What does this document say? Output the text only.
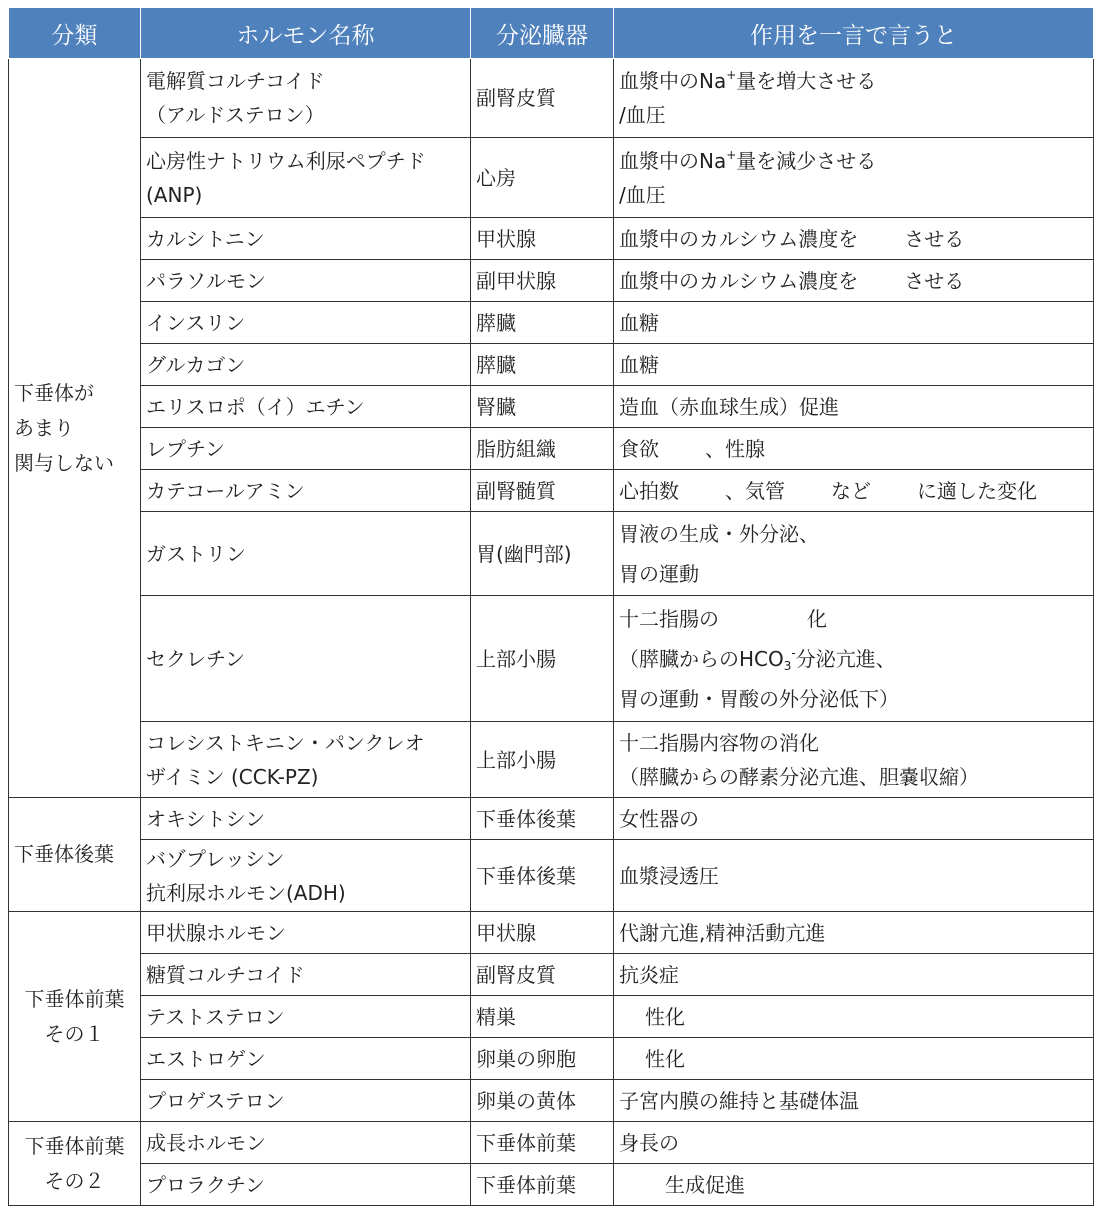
分類	ホルモン名称	分泌臓器	作用を一言で言うと

下垂体が
あまり
関与しない	電解質コルチコイド
（アルドステロン）	副腎皮質	血漿中のNa+量を増大させる
/血圧

	心房性ナトリウム利尿ペプチド
(ANP)	心房	血漿中のNa+量を減少させる
/血圧

	カルシトニン	甲状腺	血漿中のカルシウム濃度を させる
	パラソルモン	副甲状腺	血漿中のカルシウム濃度を させる
	インスリン	膵臓	血糖
	グルカゴン	膵臓	血糖
	エリスロポ（イ）エチン	腎臓	造血（赤血球生成）促進
	レプチン	脂肪組織	食欲 、性腺
	カテコールアミン	副腎髄質	心拍数 、気管 など に適した変化
	ガストリン	胃(幽門部)	胃液の生成・外分泌、
胃の運動

	セクレチン	上部小腸	十二指腸の 化
（膵臓からの$HCO_3^-$分泌亢進、
胃の運動・胃酸の外分泌低下）

	コレシストキニン・パンクレオ
ザイミン (CCK-PZ)	上部小腸	十二指腸内容物の消化
（膵臓からの酵素分泌亢進、胆嚢収縮）

下垂体後葉	オキシトシン	下垂体後葉	女性器の

	バゾプレッシン
抗利尿ホルモン(ADH)	下垂体後葉	血漿浸透圧

下垂体前葉
その１	甲状腺ホルモン	甲状腺	代謝亢進,精神活動亢進
	糖質コルチコイド	副腎皮質	抗炎症
	テストステロン	精巣	性化
	エストロゲン	卵巣の卵胞	性化
	プロゲステロン	卵巣の黄体	子宮内膜の維持と基礎体温

下垂体前葉
その２	成長ホルモン	下垂体前葉	身長の
	プロラクチン	下垂体前葉	生成促進
